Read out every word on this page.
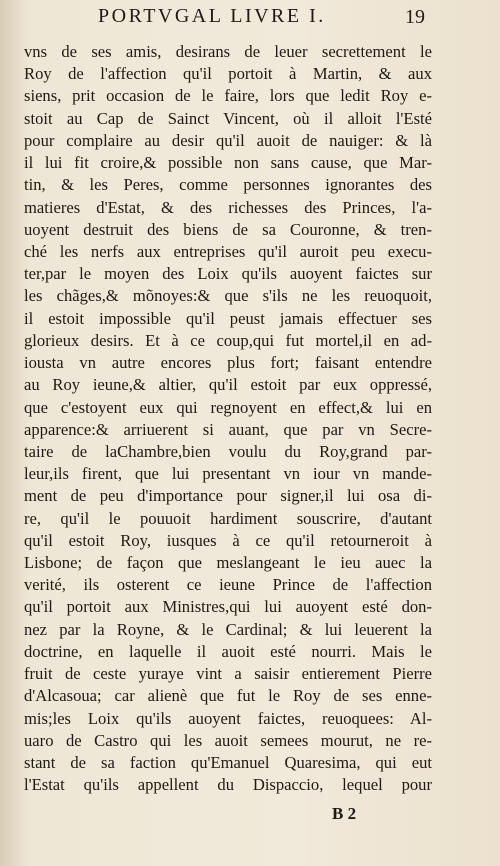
PORTVGAL LIVRE I.	19
vns de ses amis, desirans de leuer secrettement le
Roy de l'affection qu'il portoit à Martin, & aux
siens, prit occasion de le faire, lors que ledit Roy e-
stoit au Cap de Sainct Vincent, où il alloit l'Esté
pour complaire au desir qu'il auoit de nauiger: & là
il lui fit croire,& possible non sans cause, que Mar-
tin, & les Peres, comme personnes ignorantes des
matieres d'Estat, & des richesses des Princes, l'a-
uoyent destruit des biens de sa Couronne, & tren-
ché les nerfs aux entreprises qu'il auroit peu execu-
ter,par le moyen des Loix qu'ils auoyent faictes sur
les chãges,& mõnoyes:& que s'ils ne les reuoquoit,
il estoit impossible qu'il peust jamais effectuer ses
glorieux desirs. Et à ce coup,qui fut mortel,il en ad-
iousta vn autre encores plus fort; faisant entendre
au Roy ieune,& altier, qu'il estoit par eux oppressé,
que c'estoyent eux qui regnoyent en effect,& lui en
apparence:& arriuerent si auant, que par vn Secre-
taire de laChambre,bien voulu du Roy,grand par-
leur,ils firent, que lui presentant vn iour vn mande-
ment de peu d'importance pour signer,il lui osa di-
re, qu'il le pouuoit hardiment souscrire, d'autant
qu'il estoit Roy, iusques à ce qu'il retourneroit à
Lisbone; de façon que meslangeant le ieu auec la
verité, ils osterent ce ieune Prince de l'affection
qu'il portoit aux Ministres,qui lui auoyent esté don-
nez par la Royne, & le Cardinal; & lui leuerent la
doctrine, en laquelle il auoit esté nourri. Mais le
fruit de ceste yuraye vint a saisir entierement Pierre
d'Alcasoua; car alienè que fut le Roy de ses enne-
mis;les Loix qu'ils auoyent faictes, reuoquees: Al-
uaro de Castro qui les auoit semees mourut, ne re-
stant de sa faction qu'Emanuel Quaresima, qui eut
l'Estat qu'ils appellent du Dispaccio, lequel pour
B 2
